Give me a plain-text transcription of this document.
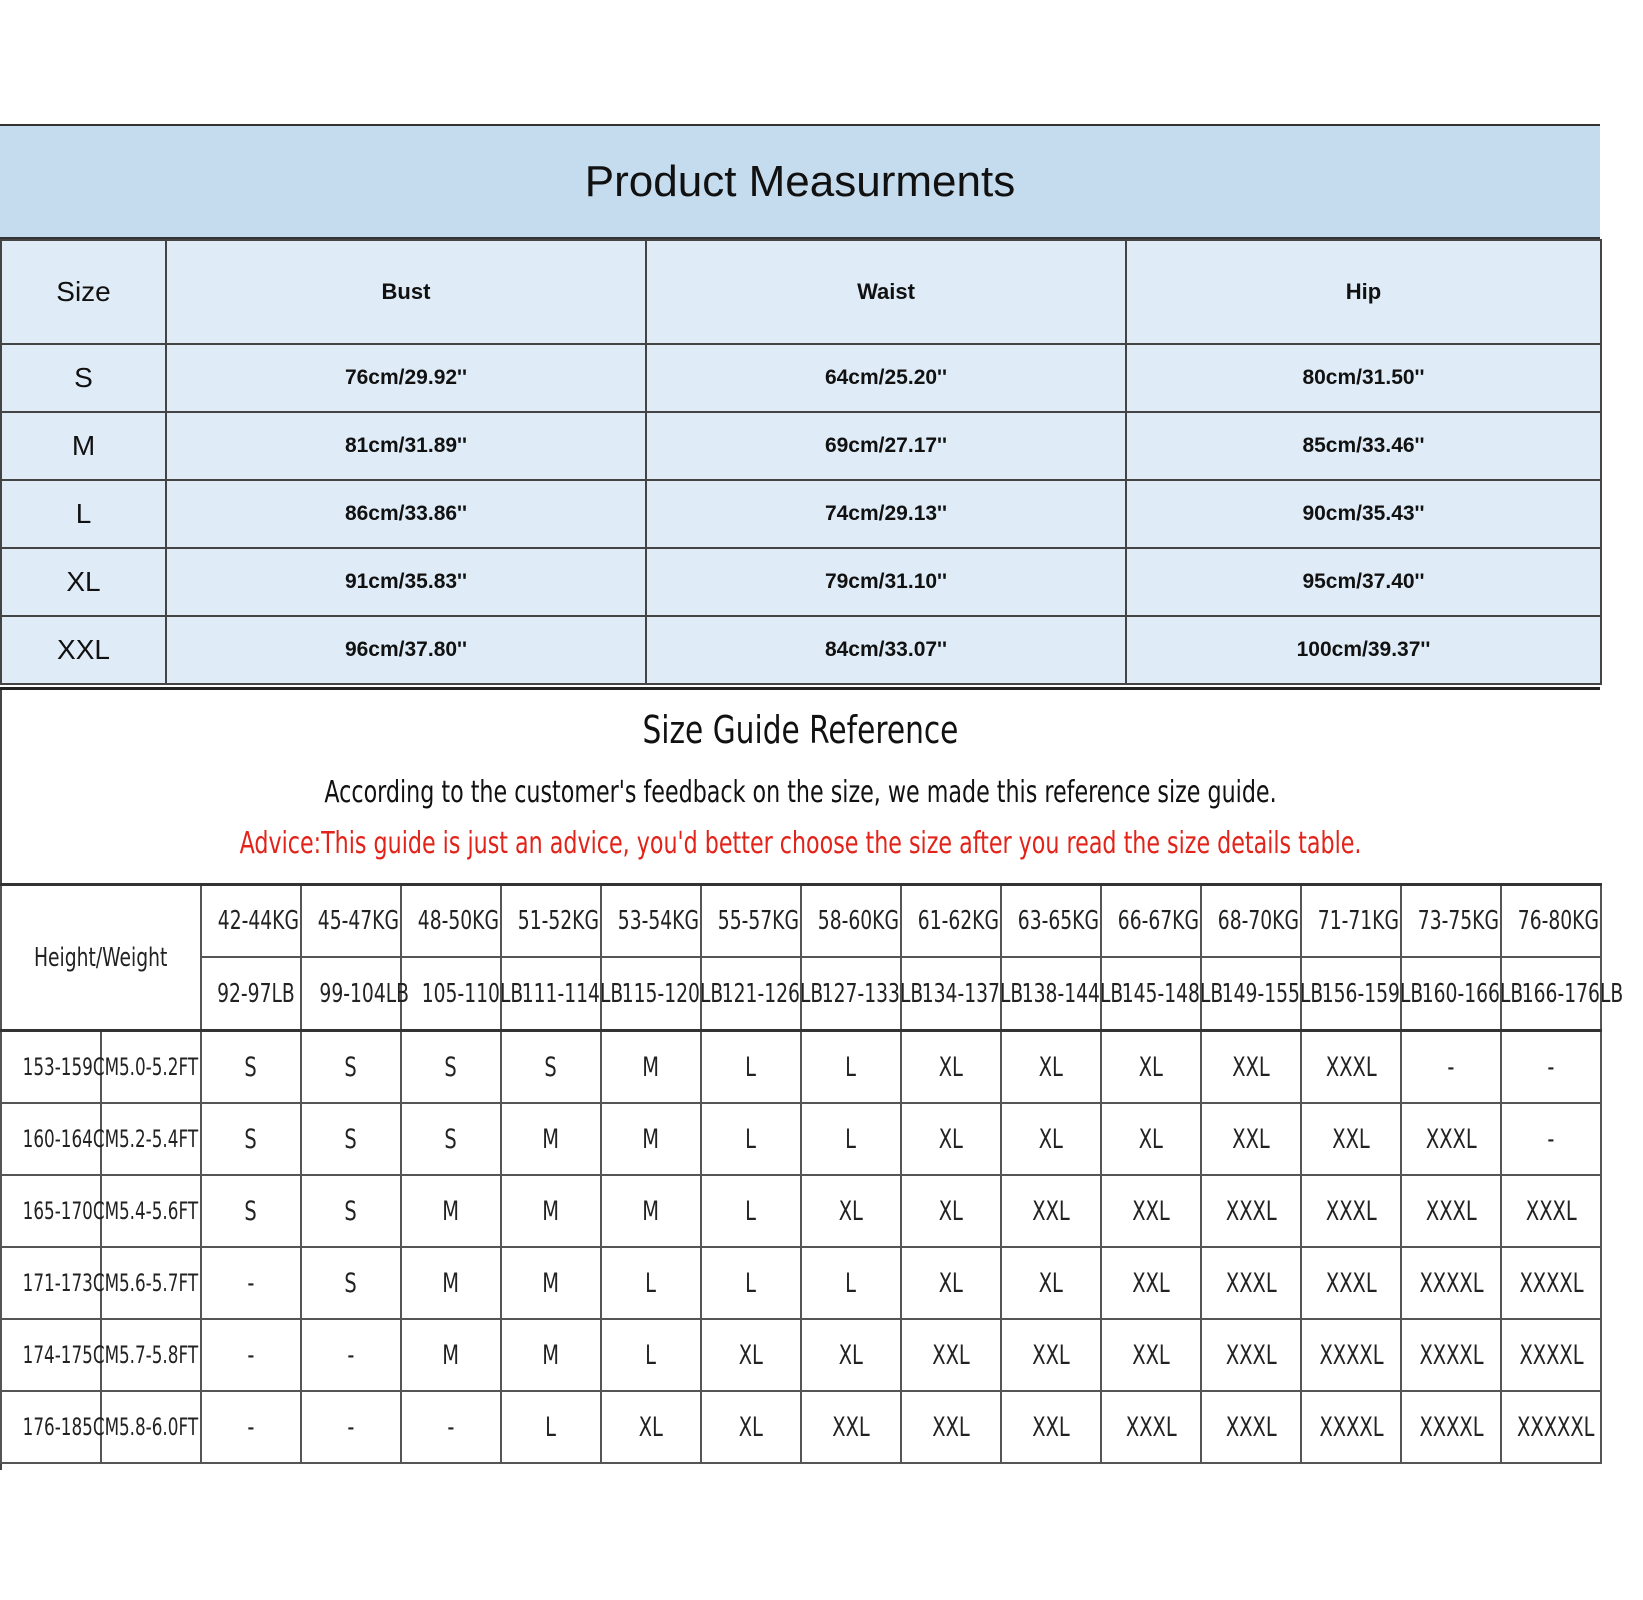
Product Measurments
Size	Bust	Waist	Hip
S	76cm/29.92''	64cm/25.20''	80cm/31.50''
M	81cm/31.89''	69cm/27.17''	85cm/33.46''
L	86cm/33.86''	74cm/29.13''	90cm/35.43''
XL	91cm/35.83''	79cm/31.10''	95cm/37.40''
XXL	96cm/37.80''	84cm/33.07''	100cm/39.37''
Size Guide Reference
According to the customer's feedback on the size, we made this reference size guide.
Advice:This guide is just an advice, you'd better choose the size after you read the size details table.
Height/Weight		42-44KG	45-47KG	48-50KG	51-52KG	53-54KG	55-57KG	58-60KG	61-62KG	63-65KG	66-67KG	68-70KG	71-71KG	73-75KG	76-80KG
		92-97LB	99-104LB	105-110LB	111-114LB	115-120LB	121-126LB	127-133LB	134-137LB	138-144LB	145-148LB	149-155LB	156-159LB	160-166LB	166-176LB
153-159CM	5.0-5.2FT	S	S	S	S	M	L	L	XL	XL	XL	XXL	XXXL	-	-
160-164CM	5.2-5.4FT	S	S	S	M	M	L	L	XL	XL	XL	XXL	XXL	XXXL	-
165-170CM	5.4-5.6FT	S	S	M	M	M	L	XL	XL	XXL	XXL	XXXL	XXXL	XXXL	XXXL
171-173CM	5.6-5.7FT	-	S	M	M	L	L	L	XL	XL	XXL	XXXL	XXXL	XXXXL	XXXXL
174-175CM	5.7-5.8FT	-	-	M	M	L	XL	XL	XXL	XXL	XXL	XXXL	XXXXL	XXXXL	XXXXL
176-185CM	5.8-6.0FT	-	-	-	L	XL	XL	XXL	XXL	XXL	XXXL	XXXL	XXXXL	XXXXL	XXXXXL
